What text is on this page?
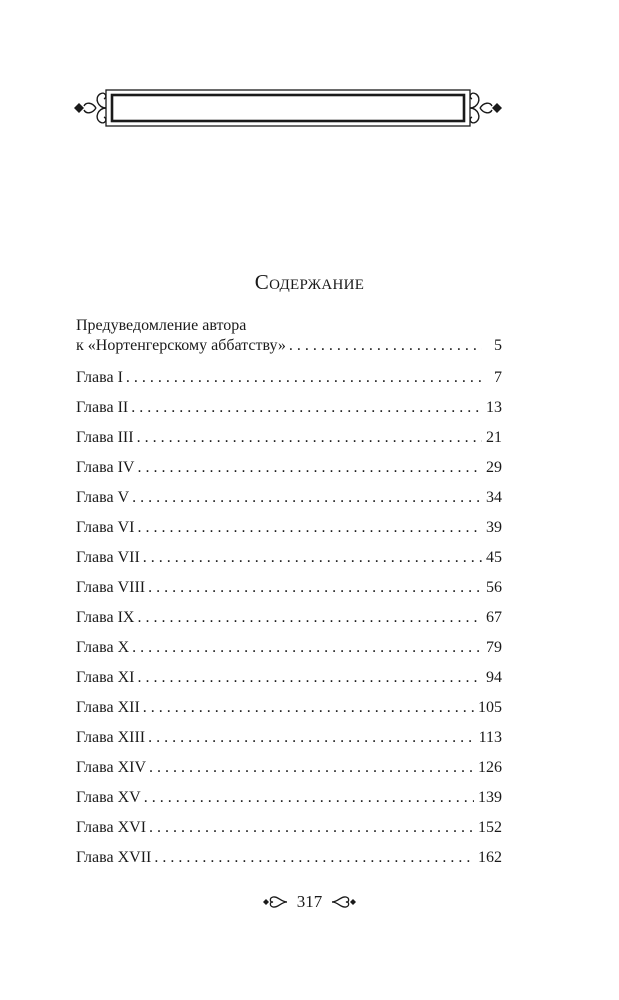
Содержание
Предуведомление автора
к «Нортенгерскому аббатству» . . .	5
Глава I . . .	7
Глава II . . .	13
Глава III . . .	21
Глава IV . . .	29
Глава V . . .	34
Глава VI . . .	39
Глава VII . . .	45
Глава VIII . . .	56
Глава IX . . .	67
Глава X . . .	79
Глава XI . . .	94
Глава XII . . .	105
Глава XIII . . .	113
Глава XIV . . .	126
Глава XV . . .	139
Глава XVI . . .	152
Глава XVII . . .	162
317
